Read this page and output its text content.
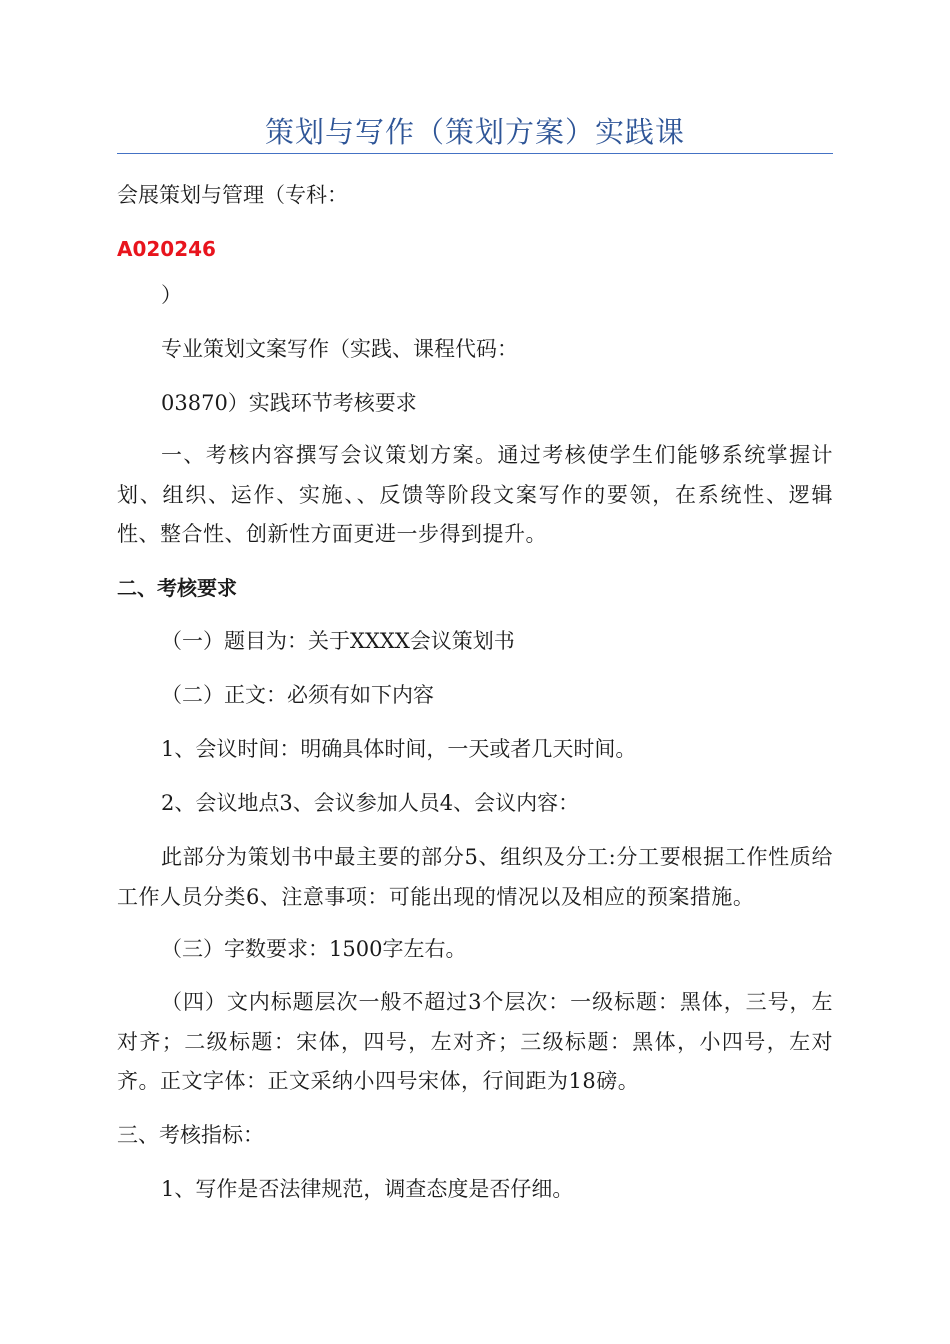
策划与写作（策划方案）实践课
会展策划与管理（专科：
A020246
）
专业策划文案写作（实践、课程代码：
03870）实践环节考核要求
一、考核内容撰写会议策划方案。通过考核使学生们能够系统掌握计划、组织、运作、实施、、反馈等阶段文案写作的要领，在系统性、逻辑性、整合性、创新性方面更进一步得到提升。
二、考核要求
（一）题目为：关于XXXX会议策划书
（二）正文：必须有如下内容
1、会议时间：明确具体时间，一天或者几天时间。
2、会议地点3、会议参加人员4、会议内容：
此部分为策划书中最主要的部分5、组织及分工:分工要根据工作性质给工作人员分类6、注意事项：可能出现的情况以及相应的预案措施。
（三）字数要求：1500字左右。
（四）文内标题层次一般不超过3个层次：一级标题：黑体，三号，左对齐；二级标题：宋体，四号，左对齐；三级标题：黑体，小四号，左对齐。正文字体：正文采纳小四号宋体，行间距为18磅。
三、考核指标：
1、写作是否法律规范，调查态度是否仔细。
